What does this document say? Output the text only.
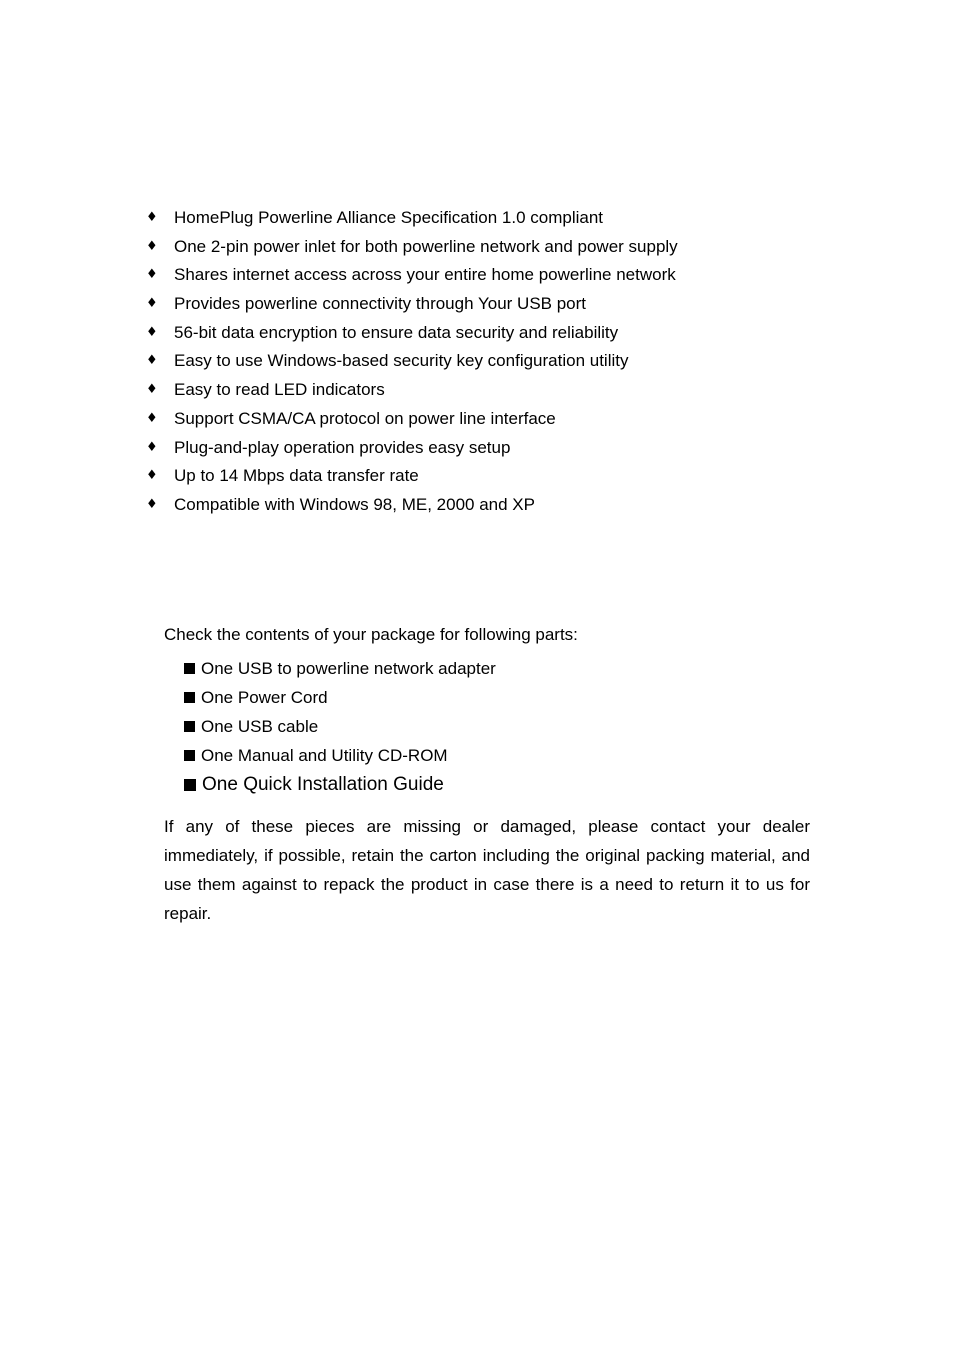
♦ HomePlug Powerline Alliance Specification 1.0 compliant
♦ One 2-pin power inlet for both powerline network and power supply
♦ Shares internet access across your entire home powerline network
♦ Provides powerline connectivity through Your USB port
♦ 56-bit data encryption to ensure data security and reliability
♦ Easy to use Windows-based security key configuration utility
♦ Easy to read LED indicators
♦ Support CSMA/CA protocol on power line interface
♦ Plug-and-play operation provides easy setup
♦ Up to 14 Mbps data transfer rate
♦ Compatible with Windows 98, ME, 2000 and XP
Check the contents of your package for following parts:
One USB to powerline network adapter
One Power Cord
One USB cable
One Manual and Utility CD-ROM
One Quick Installation Guide

If any of these pieces are missing or damaged, please contact your dealer immediately, if possible, retain the carton including the original packing material, and use them against to repack the product in case there is a need to return it to us for repair.
